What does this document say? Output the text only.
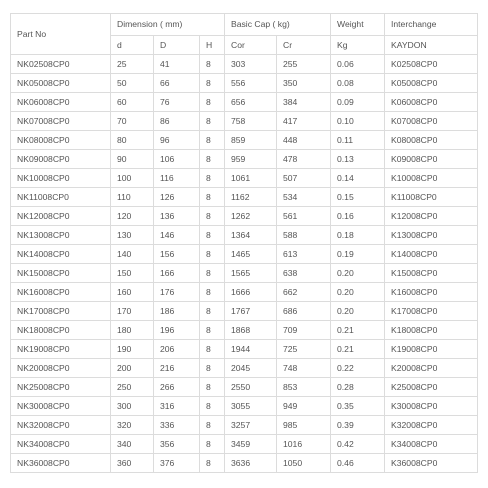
Part No	Dimension ( mm)			Basic Cap ( kg)		Weight	Interchange
	d	D	H	Cor	Cr	Kg	KAYDON
NK02508CP0	25	41	8	303	255	0.06	K02508CP0
NK05008CP0	50	66	8	556	350	0.08	K05008CP0
NK06008CP0	60	76	8	656	384	0.09	K06008CP0
NK07008CP0	70	86	8	758	417	0.10	K07008CP0
NK08008CP0	80	96	8	859	448	0.11	K08008CP0
NK09008CP0	90	106	8	959	478	0.13	K09008CP0
NK10008CP0	100	116	8	1061	507	0.14	K10008CP0
NK11008CP0	110	126	8	1162	534	0.15	K11008CP0
NK12008CP0	120	136	8	1262	561	0.16	K12008CP0
NK13008CP0	130	146	8	1364	588	0.18	K13008CP0
NK14008CP0	140	156	8	1465	613	0.19	K14008CP0
NK15008CP0	150	166	8	1565	638	0.20	K15008CP0
NK16008CP0	160	176	8	1666	662	0.20	K16008CP0
NK17008CP0	170	186	8	1767	686	0.20	K17008CP0
NK18008CP0	180	196	8	1868	709	0.21	K18008CP0
NK19008CP0	190	206	8	1944	725	0.21	K19008CP0
NK20008CP0	200	216	8	2045	748	0.22	K20008CP0
NK25008CP0	250	266	8	2550	853	0.28	K25008CP0
NK30008CP0	300	316	8	3055	949	0.35	K30008CP0
NK32008CP0	320	336	8	3257	985	0.39	K32008CP0
NK34008CP0	340	356	8	3459	1016	0.42	K34008CP0
NK36008CP0	360	376	8	3636	1050	0.46	K36008CP0
